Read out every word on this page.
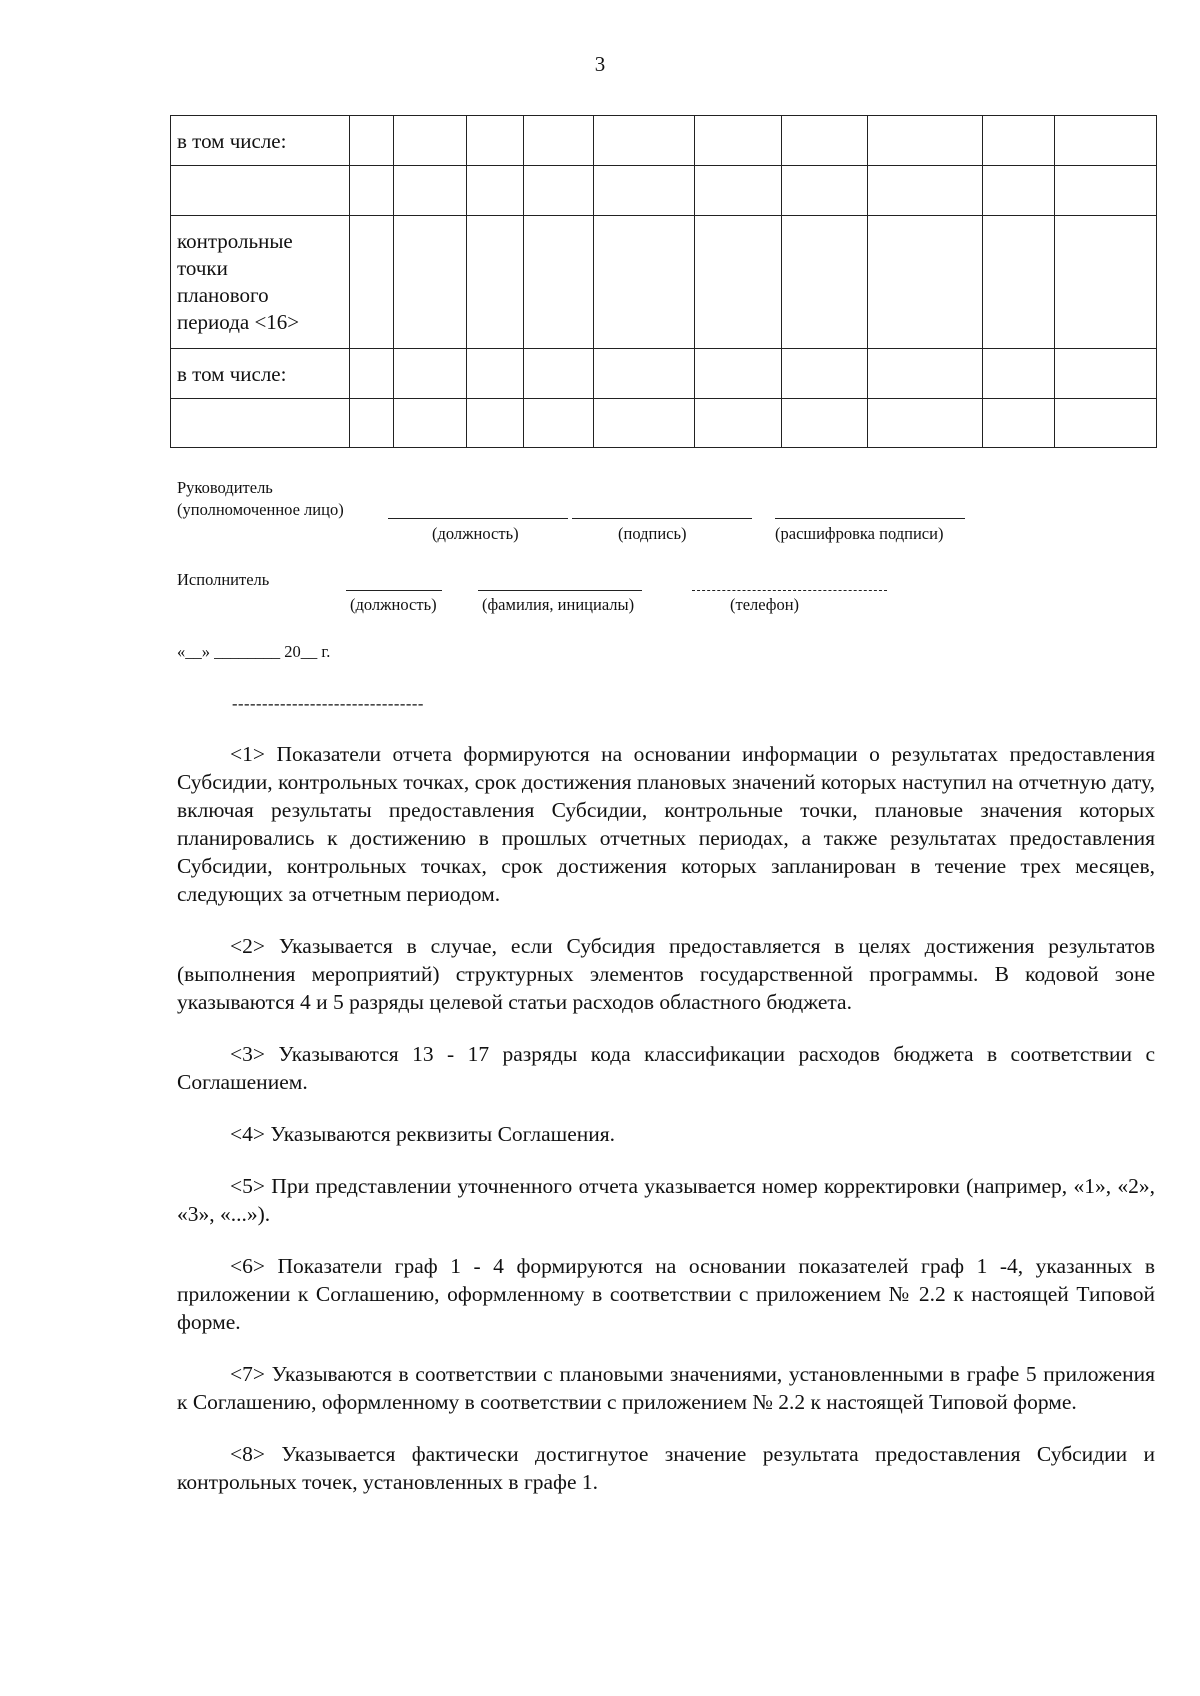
3
в том числе:										

контрольные
точки
планового
периода <16>										

в том числе:										

Руководитель
(уполномоченное лицо)
(должность)	(подпись)	(расшифровка подписи)
Исполнитель
(должность)	(фамилия, инициалы)	(телефон)
«__» ________ 20__ г.
--------------------------------

<1> Показатели отчета формируются на основании информации о результатах предоставления Субсидии, контрольных точках, срок достижения плановых значений которых наступил на отчетную дату, включая результаты предоставления Субсидии, контрольные точки, плановые значения которых планировались к достижению в прошлых отчетных периодах, а также результатах предоставления Субсидии, контрольных точках, срок достижения которых запланирован в течение трех месяцев, следующих за отчетным периодом.

<2> Указывается в случае, если Субсидия предоставляется в целях достижения результатов (выполнения мероприятий) структурных элементов государственной программы. В кодовой зоне указываются 4 и 5 разряды целевой статьи расходов областного бюджета.

<3> Указываются 13 - 17 разряды кода классификации расходов бюджета в соответствии с Соглашением.

<4> Указываются реквизиты Соглашения.

<5> При представлении уточненного отчета указывается номер корректировки (например, «1», «2», «3», «...»).

<6> Показатели граф 1 - 4 формируются на основании показателей граф 1 -4, указанных в приложении к Соглашению, оформленному в соответствии с приложением № 2.2 к настоящей Типовой форме.

<7> Указываются в соответствии с плановыми значениями, установленными в графе 5 приложения к Соглашению, оформленному в соответствии с приложением № 2.2 к настоящей Типовой форме.

<8> Указывается фактически достигнутое значение результата предоставления Субсидии и контрольных точек, установленных в графе 1.
